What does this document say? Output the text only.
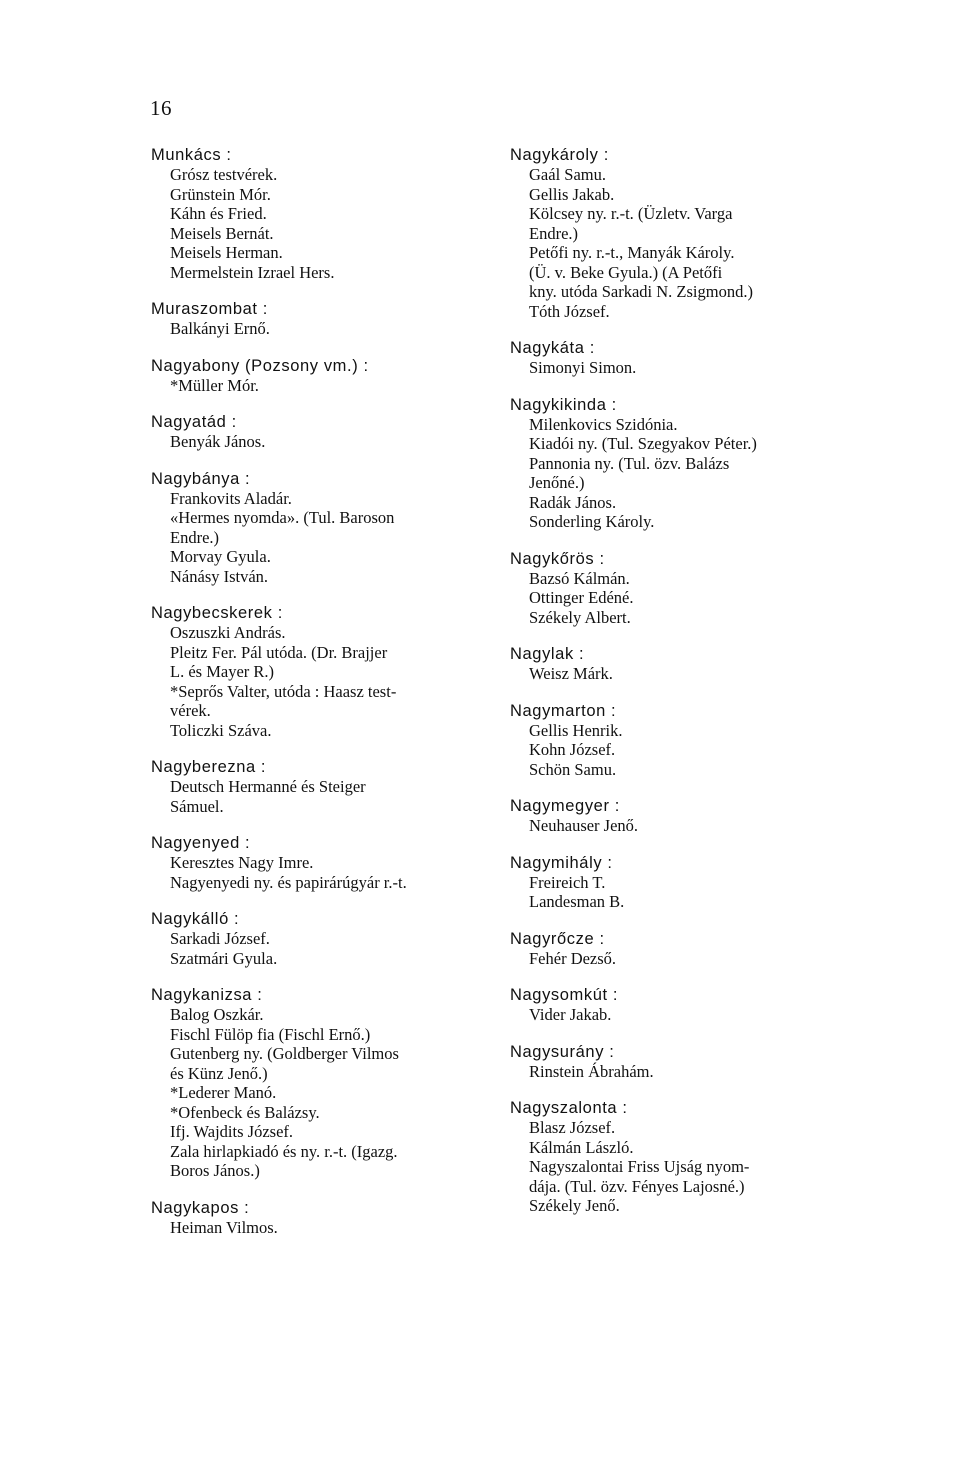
16
Munkács :
Grósz testvérek.
Grünstein Mór.
Káhn és Fried.
Meisels Bernát.
Meisels Herman.
Mermelstein Izrael Hers.
Muraszombat :
Balkányi Ernő.
Nagyabony (Pozsony vm.) :
*Müller Mór.
Nagyatád :
Benyák János.
Nagybánya :
Frankovits Aladár.
«Hermes nyomda». (Tul. Baroson
Endre.)
Morvay Gyula.
Nánásy István.
Nagybecskerek :
Oszuszki András.
Pleitz Fer. Pál utóda. (Dr. Brajjer
L. és Mayer R.)
*Seprős Valter, utóda : Haasz test-
vérek.
Toliczki Száva.
Nagyberezna :
Deutsch Hermanné és Steiger
Sámuel.
Nagyenyed :
Keresztes Nagy Imre.
Nagyenyedi ny. és papirárúgyár r.-t.
Nagykálló :
Sarkadi József.
Szatmári Gyula.
Nagykanizsa :
Balog Oszkár.
Fischl Fülöp fia (Fischl Ernő.)
Gutenberg ny. (Goldberger Vilmos
és Künz Jenő.)
*Lederer Manó.
*Ofenbeck és Balázsy.
Ifj. Wajdits József.
Zala hirlapkiadó és ny. r.-t. (Igazg.
Boros János.)
Nagykapos :
Heiman Vilmos.
Nagykároly :
Gaál Samu.
Gellis Jakab.
Kölcsey ny. r.-t. (Üzletv. Varga
Endre.)
Petőfi ny. r.-t., Manyák Károly.
(Ü. v. Beke Gyula.) (A Petőfi
kny. utóda Sarkadi N. Zsigmond.)
Tóth József.
Nagykáta :
Simonyi Simon.
Nagykikinda :
Milenkovics Szidónia.
Kiadói ny. (Tul. Szegyakov Péter.)
Pannonia ny. (Tul. özv. Balázs
Jenőné.)
Radák János.
Sonderling Károly.
Nagykőrös :
Bazsó Kálmán.
Ottinger Edéné.
Székely Albert.
Nagylak :
Weisz Márk.
Nagymarton :
Gellis Henrik.
Kohn József.
Schön Samu.
Nagymegyer :
Neuhauser Jenő.
Nagymihály :
Freireich T.
Landesman B.
Nagyrőcze :
Fehér Dezső.
Nagysomkút :
Vider Jakab.
Nagysurány :
Rinstein Ábrahám.
Nagyszalonta :
Blasz József.
Kálmán László.
Nagyszalontai Friss Ujság nyom-
dája. (Tul. özv. Fényes Lajosné.)
Székely Jenő.
